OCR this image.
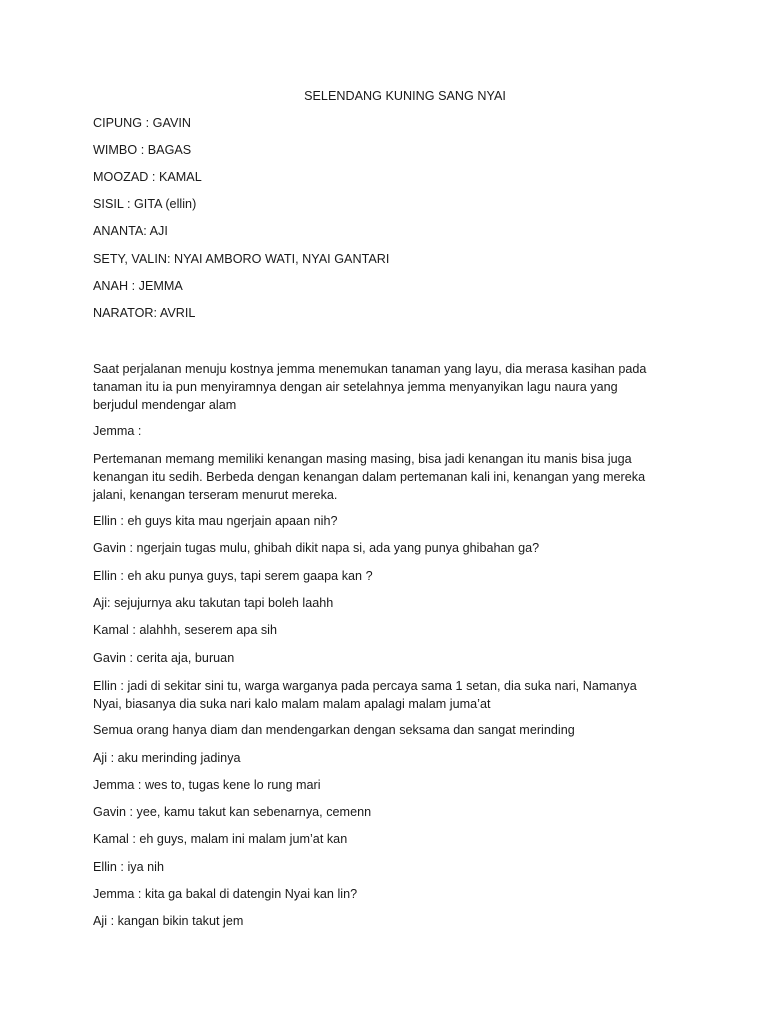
SELENDANG KUNING SANG NYAI

CIPUNG : GAVIN

WIMBO : BAGAS

MOOZAD : KAMAL

SISIL : GITA (ellin)

ANANTA: AJI

SETY, VALIN: NYAI AMBORO WATI, NYAI GANTARI

ANAH : JEMMA

NARATOR: AVRIL

Saat perjalanan menuju kostnya jemma menemukan tanaman yang layu, dia merasa kasihan pada
tanaman itu ia pun menyiramnya dengan air setelahnya jemma menyanyikan lagu naura yang
berjudul mendengar alam

Jemma :

Pertemanan memang memiliki kenangan masing masing, bisa jadi kenangan itu manis bisa juga
kenangan itu sedih. Berbeda dengan kenangan dalam pertemanan kali ini, kenangan yang mereka
jalani, kenangan terseram menurut mereka.

Ellin : eh guys kita mau ngerjain apaan nih?

Gavin : ngerjain tugas mulu, ghibah dikit napa si, ada yang punya ghibahan ga?

Ellin : eh aku punya guys, tapi serem gaapa kan ?

Aji: sejujurnya aku takutan tapi boleh laahh

Kamal : alahhh, seserem apa sih

Gavin : cerita aja, buruan

Ellin : jadi di sekitar sini tu, warga warganya pada percaya sama 1 setan, dia suka nari, Namanya
Nyai, biasanya dia suka nari kalo malam malam apalagi malam juma’at

Semua orang hanya diam dan mendengarkan dengan seksama dan sangat merinding

Aji : aku merinding jadinya

Jemma : wes to, tugas kene lo rung mari

Gavin : yee, kamu takut kan sebenarnya, cemenn

Kamal : eh guys, malam ini malam jum’at kan

Ellin : iya nih

Jemma : kita ga bakal di datengin Nyai kan lin?

Aji : kangan bikin takut jem
